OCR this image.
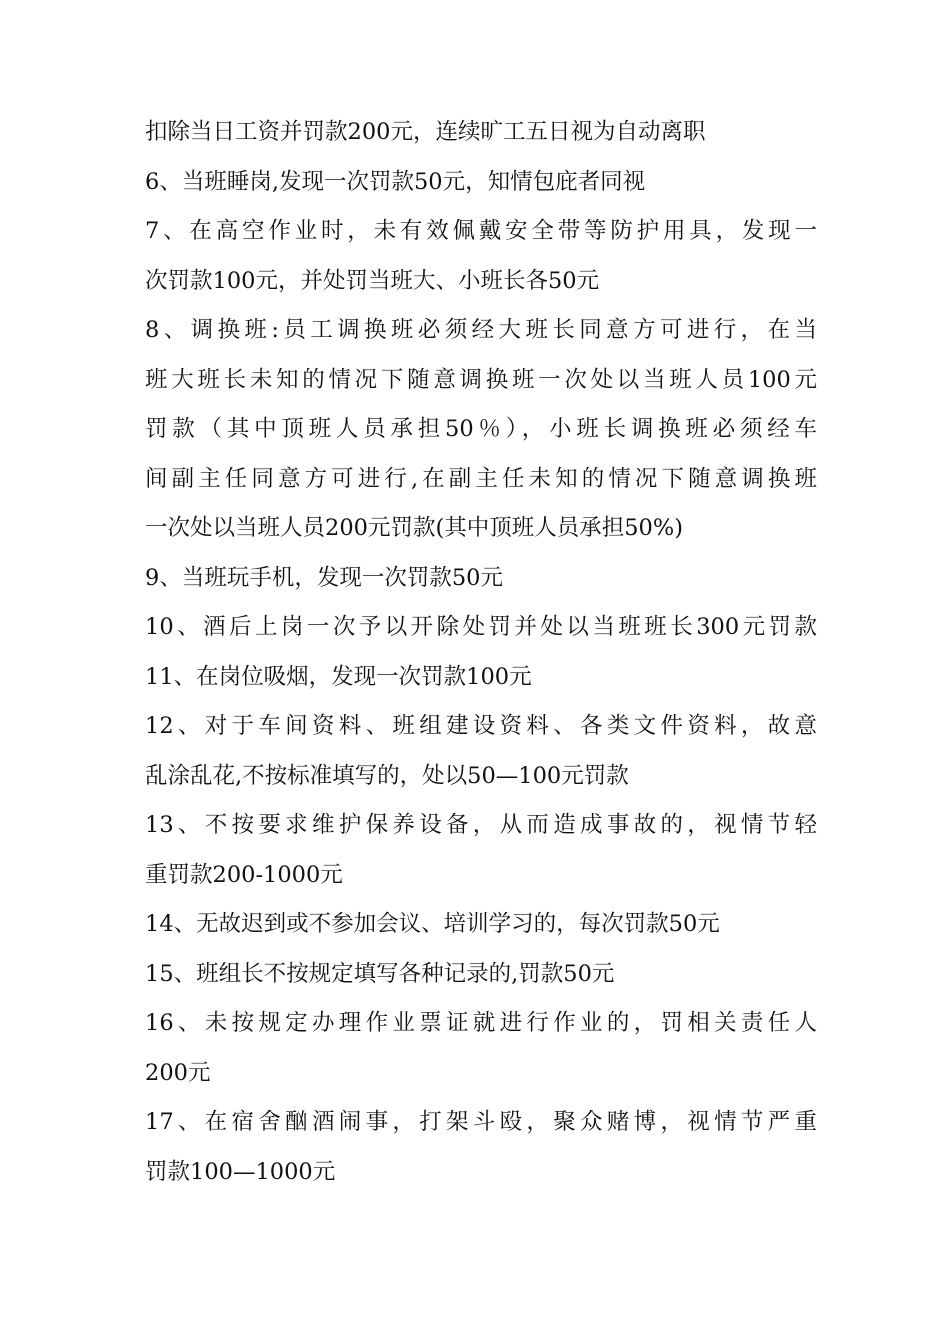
扣除当日工资并罚款200元，连续旷工五日视为自动离职
6、当班睡岗,发现一次罚款50元，知情包庇者同视
7、在高空作业时，未有效佩戴安全带等防护用具，发现一
次罚款100元，并处罚当班大、小班长各50元
8、调换班:员工调换班必须经大班长同意方可进行，在当
班大班长未知的情况下随意调换班一次处以当班人员100元
罚款（其中顶班人员承担50％），小班长调换班必须经车
间副主任同意方可进行,在副主任未知的情况下随意调换班
一次处以当班人员200元罚款(其中顶班人员承担50%)
9、当班玩手机，发现一次罚款50元
10、酒后上岗一次予以开除处罚并处以当班班长300元罚款
11、在岗位吸烟，发现一次罚款100元
12、对于车间资料、班组建设资料、各类文件资料，故意
乱涂乱花,不按标准填写的，处以50—100元罚款
13、不按要求维护保养设备，从而造成事故的，视情节轻
重罚款200-1000元
14、无故迟到或不参加会议、培训学习的，每次罚款50元
15、班组长不按规定填写各种记录的,罚款50元
16、未按规定办理作业票证就进行作业的，罚相关责任人
200元
17、在宿舍酗酒闹事，打架斗殴，聚众赌博，视情节严重
罚款100—1000元
